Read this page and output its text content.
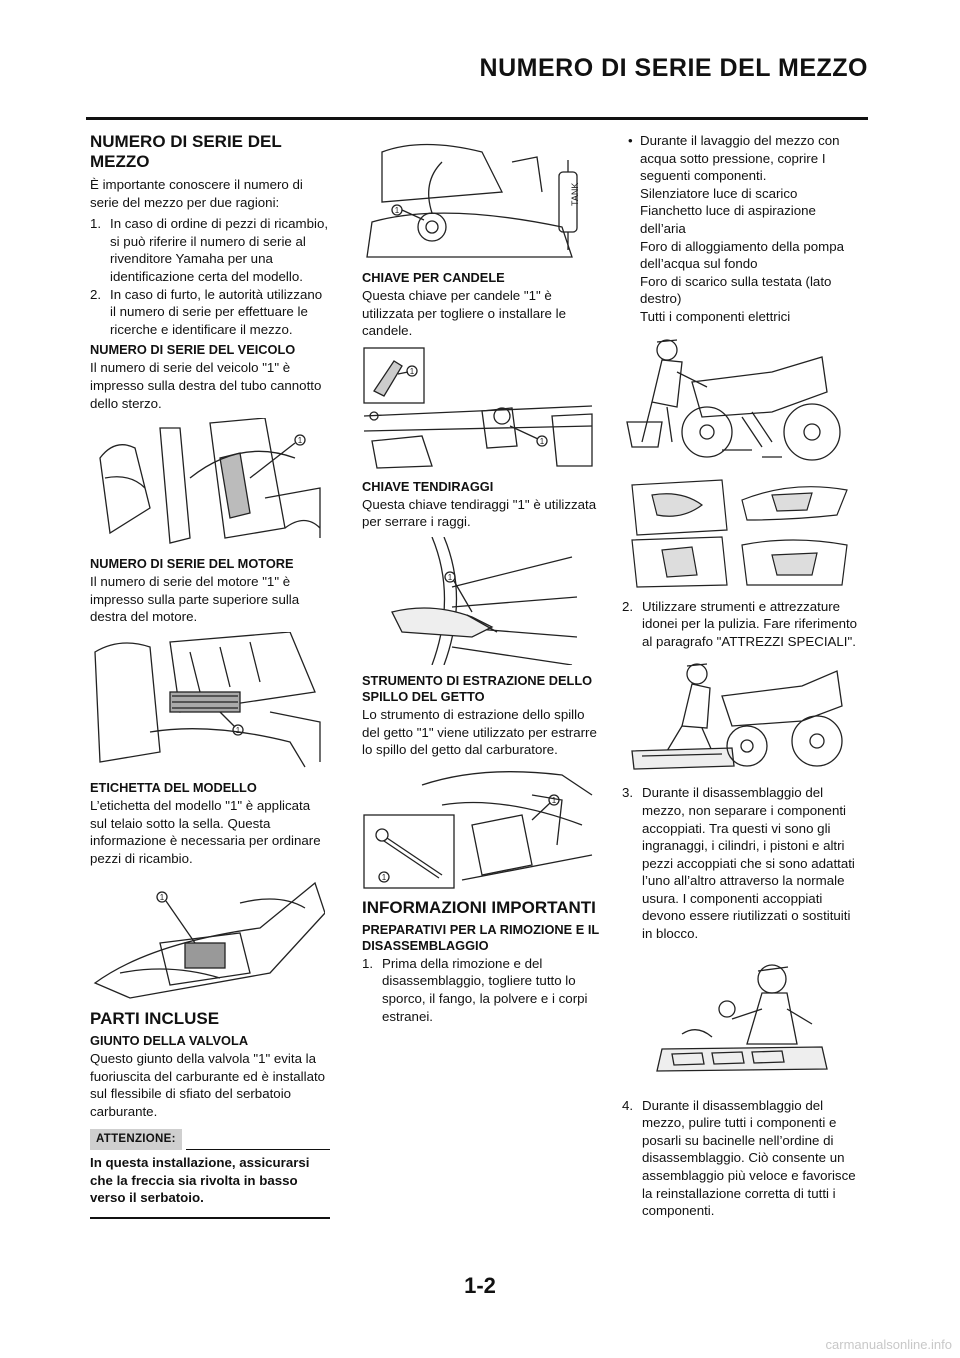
NUMERO DI SERIE DEL MEZZO
NUMERO DI SERIE DEL MEZZO

È importante conoscere il numero di serie del mezzo per due ragioni:

1. In caso di ordine di pezzi di ricambio, si può riferire il numero di serie al rivenditore Yamaha per una identificazione certa del modello.
2. In caso di furto, le autorità utilizzano il numero di serie per effettuare le ricerche e identificare il mezzo.
NUMERO DI SERIE DEL VEICOLO

Il numero di serie del veicolo "1" è impresso sulla destra del tubo cannotto dello sterzo.

1
NUMERO DI SERIE DEL MOTORE

Il numero di serie del motore "1" è impresso sulla parte superiore sulla destra del motore.

1
ETICHETTA DEL MODELLO

L’etichetta del modello "1" è applicata sul telaio sotto la sella. Questa informazione è necessaria per ordinare pezzi di ricambio.

1
PARTI INCLUSE
GIUNTO DELLA VALVOLA

Questo giunto della valvola "1" evita la fuoriuscita del carburante ed è installato sul flessibile di sfiato del serbatoio carburante.

ATTENZIONE:
In questa installazione, assicurarsi che la freccia sia rivolta in basso verso il serbatoio.
TANK
1
CHIAVE PER CANDELE

Questa chiave per candele "1" è utilizzata per togliere o installare le candele.

1
1
CHIAVE TENDIRAGGI

Questa chiave tendiraggi "1" è utilizzata per serrare i raggi.

1
STRUMENTO DI ESTRAZIONE DELLO SPILLO DEL GETTO

Lo strumento di estrazione dello spillo del getto "1" viene utilizzato per estrarre lo spillo del getto dal carburatore.

1
1
INFORMAZIONI IMPORTANTI
PREPARATIVI PER LA RIMOZIONE E IL DISASSEMBLAGGIO
1. Prima della rimozione e del disassemblaggio, togliere tutto lo sporco, il fango, la polvere e i corpi estranei.
• Durante il lavaggio del mezzo con acqua sotto pressione, coprire I seguenti componenti.
Silenziatore luce di scarico
Fianchetto luce di aspirazione dell’aria
Foro di alloggiamento della pompa dell’acqua sul fondo
Foro di scarico sulla testata (lato destro)
Tutti i componenti elettrici
2. Utilizzare strumenti e attrezzature idonei per la pulizia. Fare riferimento al paragrafo "ATTREZZI SPECIALI".
3. Durante il disassemblaggio del mezzo, non separare i componenti accoppiati. Tra questi vi sono gli ingranaggi, i cilindri, i pistoni e altri pezzi accoppiati che si sono adattati l’uno all’altro attraverso la normale usura. I componenti accoppiati devono essere riutilizzati o sostituiti in blocco.
4. Durante il disassemblaggio del mezzo, pulire tutti i componenti e posarli su bacinelle nell’ordine di disassemblaggio. Ciò consente un assemblaggio più veloce e favorisce la reinstallazione corretta di tutti i componenti.
1-2
carmanualsonline.info
